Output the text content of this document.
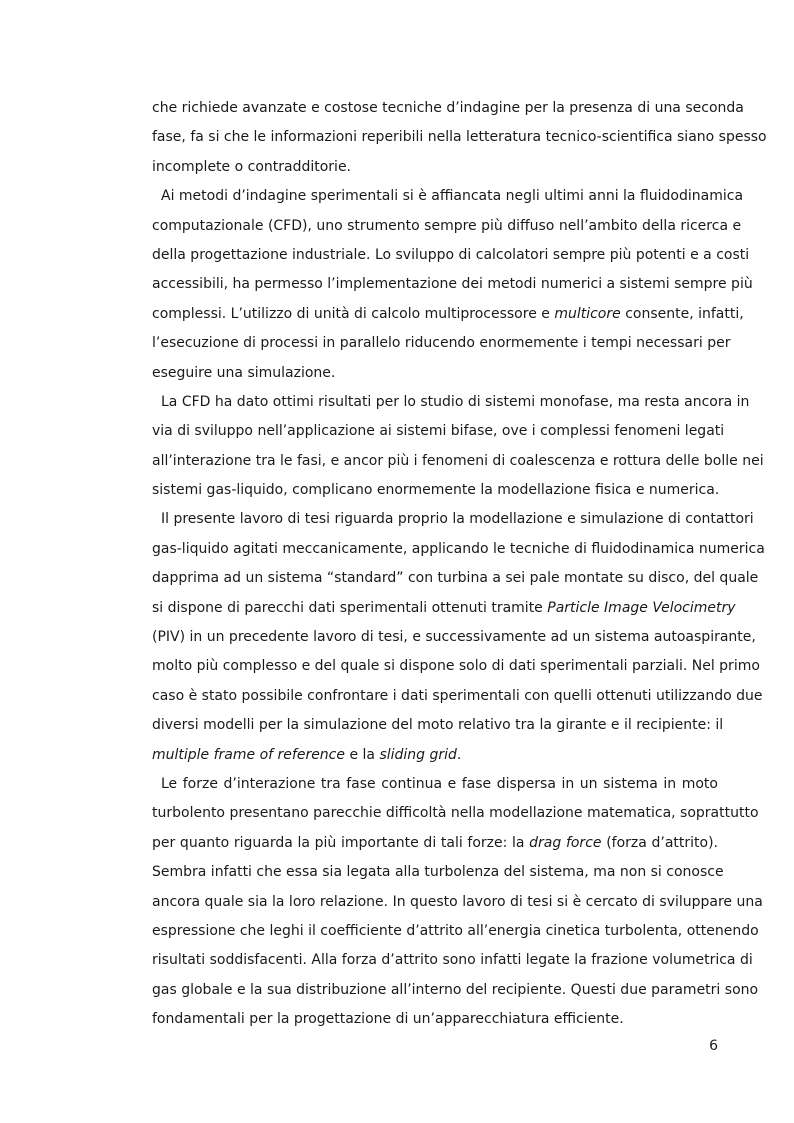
che richiede avanzate e costose tecniche d’indagine per la presenza di una seconda
fase, fa si che le informazioni reperibili nella letteratura tecnico-scientifica siano spesso
incomplete o contradditorie.
Ai metodi d’indagine sperimentali si è affiancata negli ultimi anni la fluidodinamica
computazionale (CFD), uno strumento sempre più diffuso nell’ambito della ricerca e
della progettazione industriale. Lo sviluppo di calcolatori sempre più potenti e a costi
accessibili, ha permesso l’implementazione dei metodi numerici a sistemi sempre più
complessi. L’utilizzo di unità di calcolo multiprocessore e multicore consente, infatti,
l’esecuzione di processi in parallelo riducendo enormemente i tempi necessari per
eseguire una simulazione.
La CFD ha dato ottimi risultati per lo studio di sistemi monofase, ma resta ancora in
via di sviluppo nell’applicazione ai sistemi bifase, ove i complessi fenomeni legati
all’interazione tra le fasi, e ancor più i fenomeni di coalescenza e rottura delle bolle nei
sistemi gas-liquido, complicano enormemente la modellazione fisica e numerica.
Il presente lavoro di tesi riguarda proprio la modellazione e simulazione di contattori
gas-liquido agitati meccanicamente, applicando le tecniche di fluidodinamica numerica
dapprima ad un sistema “standard” con turbina a sei pale montate su disco, del quale
si dispone di parecchi dati sperimentali ottenuti tramite Particle Image Velocimetry
(PIV) in un precedente lavoro di tesi, e successivamente ad un sistema autoaspirante,
molto più complesso e del quale si dispone solo di dati sperimentali parziali. Nel primo
caso è stato possibile confrontare i dati sperimentali con quelli ottenuti utilizzando due
diversi modelli per la simulazione del moto relativo tra la girante e il recipiente: il
multiple frame of reference e la sliding grid.
Le forze d’interazione tra fase continua e fase dispersa in un sistema in moto
turbolento presentano parecchie difficoltà nella modellazione matematica, soprattutto
per quanto riguarda la più importante di tali forze: la drag force (forza d’attrito).
Sembra infatti che essa sia legata alla turbolenza del sistema, ma non si conosce
ancora quale sia la loro relazione. In questo lavoro di tesi si è cercato di sviluppare una
espressione che leghi il coefficiente d’attrito all’energia cinetica turbolenta, ottenendo
risultati soddisfacenti. Alla forza d’attrito sono infatti legate la frazione volumetrica di
gas globale e la sua distribuzione all’interno del recipiente. Questi due parametri sono
fondamentali per la progettazione di un’apparecchiatura efficiente.
6
